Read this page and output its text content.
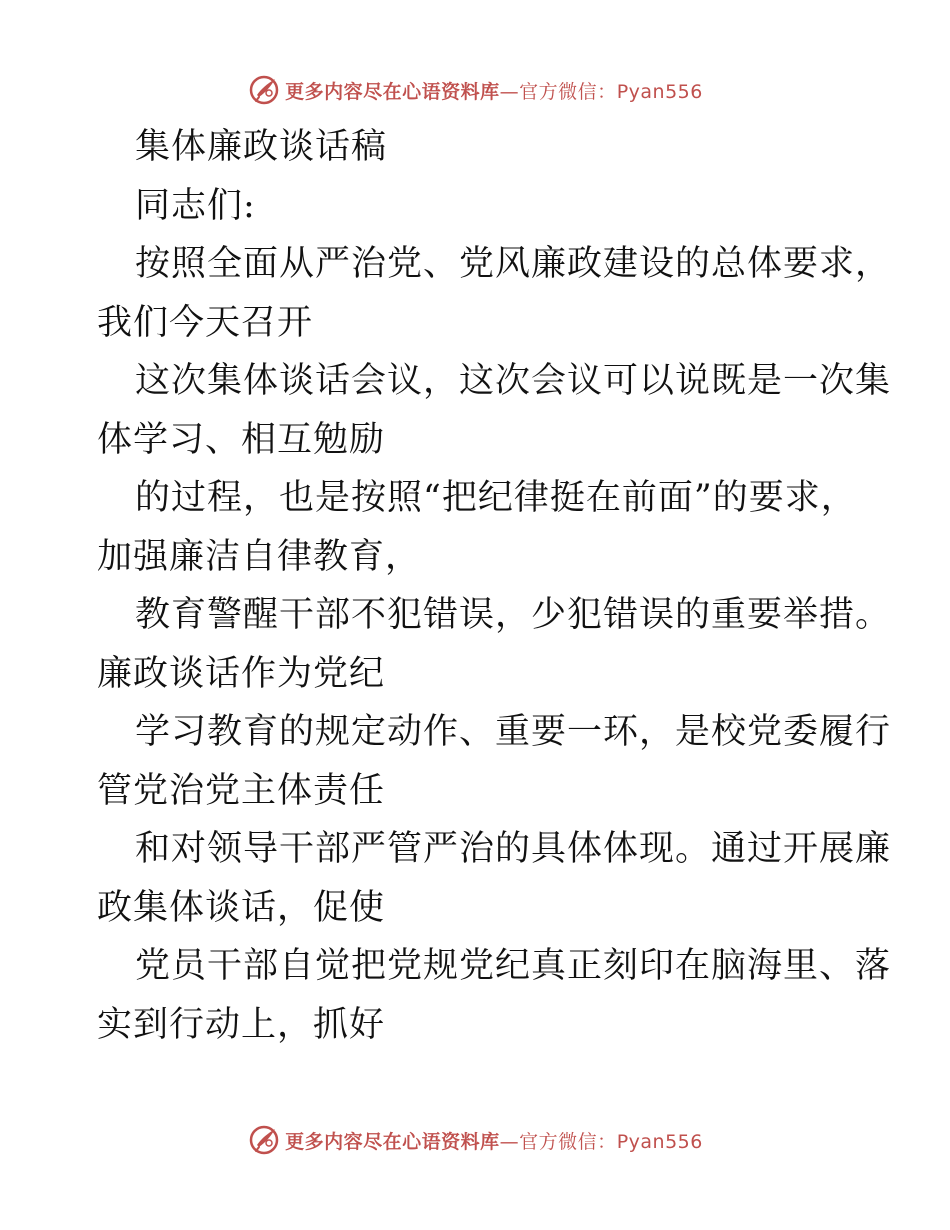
更多内容尽在心语资料库—官方微信：Pyan556
集体廉政谈话稿
同志们:
按照全面从严治党、党风廉政建设的总体要求，
我们今天召开
这次集体谈话会议，这次会议可以说既是一次集
体学习、相互勉励
的过程，也是按照“把纪律挺在前面”的要求，
加强廉洁自律教育，
教育警醒干部不犯错误，少犯错误的重要举措。
廉政谈话作为党纪
学习教育的规定动作、重要一环，是校党委履行
管党治党主体责任
和对领导干部严管严治的具体体现。通过开展廉
政集体谈话，促使
党员干部自觉把党规党纪真正刻印在脑海里、落
实到行动上，抓好
更多内容尽在心语资料库—官方微信：Pyan556
